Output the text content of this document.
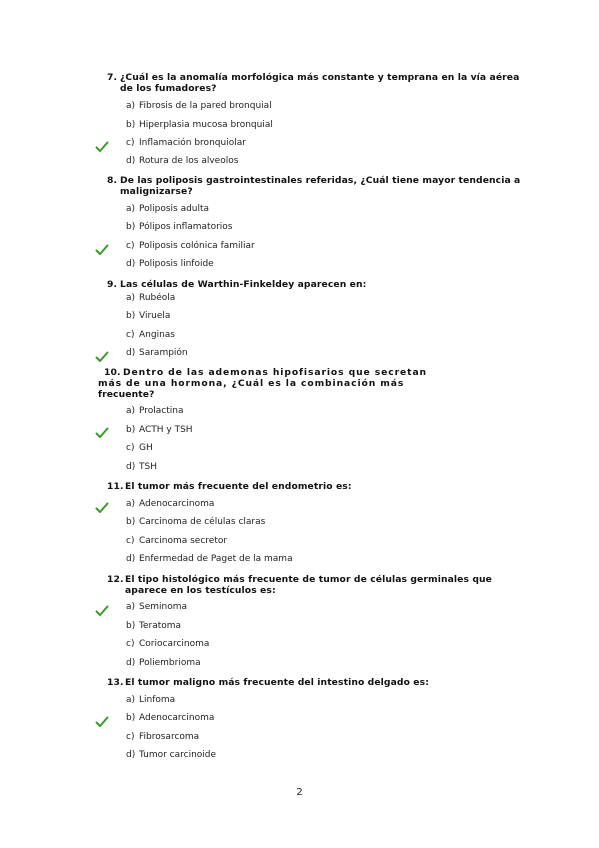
7. ¿Cuál es la anomalía morfológica más constante y temprana en la vía aérea
de los fumadores?
a) Fibrosis de la pared bronquial
b) Hiperplasia mucosa bronquial
c) Inflamación bronquiolar
d) Rotura de los alveolos
8. De las poliposis gastrointestinales referidas, ¿Cuál tiene mayor tendencia a
malignizarse?
a) Poliposis adulta
b) Pólipos inflamatorios
c) Poliposis colónica familiar
d) Poliposis linfoide
9. Las células de Warthin-Finkeldey aparecen en:
a) Rubéola
b) Viruela
c) Anginas
d) Sarampión
10. Dentro de las ademonas hipofisarios que secretan
más de una hormona, ¿Cuál es la combinación más
frecuente?
a) Prolactina
b) ACTH y TSH
c) GH
d) TSH
11. El tumor más frecuente del endometrio es:
a) Adenocarcinoma
b) Carcinoma de células claras
c) Carcinoma secretor
d) Enfermedad de Paget de la mama
12. El tipo histológico más frecuente de tumor de células germinales que
aparece en los testículos es:
a) Seminoma
b) Teratoma
c) Coriocarcinoma
d) Poliembrioma
13. El tumor maligno más frecuente del intestino delgado es:
a) Linfoma
b) Adenocarcinoma
c) Fibrosarcoma
d) Tumor carcinoide
2
